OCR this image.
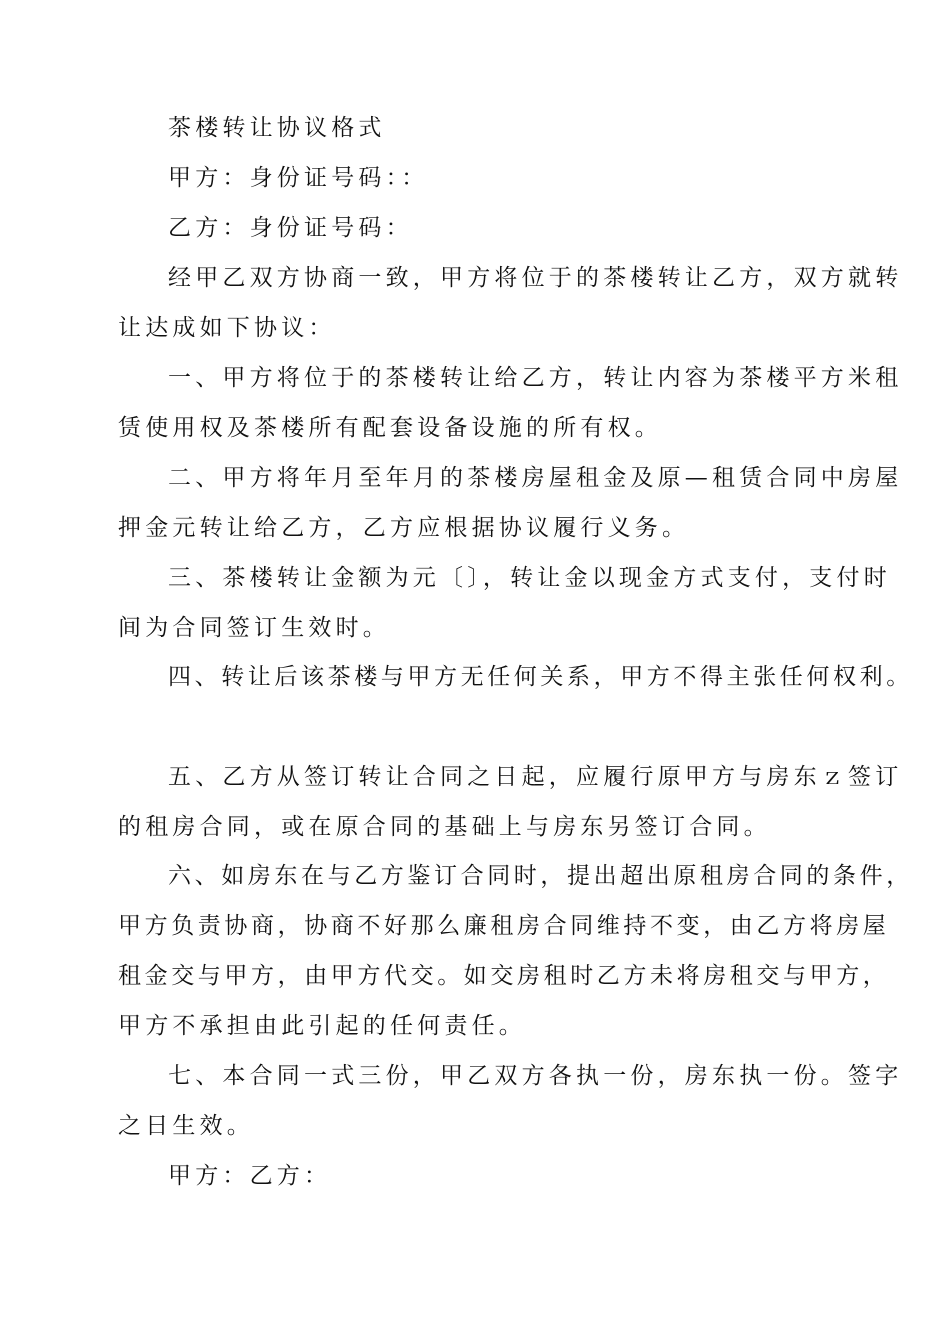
茶楼转让协议格式
甲方：身份证号码：：
乙方：身份证号码：
经甲乙双方协商一致，甲方将位于的茶楼转让乙方，双方就转
让达成如下协议：
一、甲方将位于的茶楼转让给乙方，转让内容为茶楼平方米租
赁使用权及茶楼所有配套设备设施的所有权。
二、甲方将年月至年月的茶楼房屋租金及原—租赁合同中房屋
押金元转让给乙方，乙方应根据协议履行义务。
三、茶楼转让金额为元〔〕，转让金以现金方式支付，支付时
间为合同签订生效时。
四、转让后该茶楼与甲方无任何关系，甲方不得主张任何权利。
五、乙方从签订转让合同之日起，应履行原甲方与房东ｚ签订
的租房合同，或在原合同的基础上与房东另签订合同。
六、如房东在与乙方鉴订合同时，提出超出原租房合同的条件，
甲方负责协商，协商不好那么廉租房合同维持不变，由乙方将房屋
租金交与甲方，由甲方代交。如交房租时乙方未将房租交与甲方，
甲方不承担由此引起的任何责任。
七、本合同一式三份，甲乙双方各执一份，房东执一份。签字
之日生效。
甲方：乙方：
